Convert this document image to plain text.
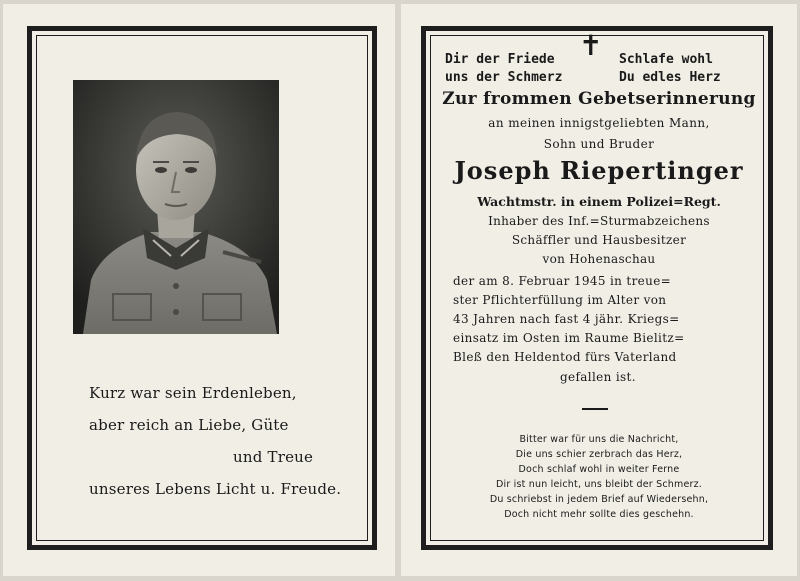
Kurz war sein Erdenleben,
aber reich an Liebe, Güte
und Treue
unseres Lebens Licht u. Freude.
Dir der Friede
uns der Schmerz
✝ Schlafe wohl
Du edles Herz
Zur frommen Gebetserinnerung
an meinen innigstgeliebten Mann,
Sohn und Bruder
Joseph Riepertinger
Wachtmstr. in einem Polizei=Regt.
Inhaber des Inf.=Sturmabzeichens
Schäffler und Hausbesitzer
von Hohenaschau
der am 8. Februar 1945 in treue=
ster Pflichterfüllung im Alter von
43 Jahren nach fast 4 jähr. Kriegs=
einsatz im Osten im Raume Bielitz=
Bleß den Heldentod fürs Vaterland
gefallen ist.
Bitter war für uns die Nachricht,
Die uns schier zerbrach das Herz,
Doch schlaf wohl in weiter Ferne
Dir ist nun leicht, uns bleibt der Schmerz.
Du schriebst in jedem Brief auf Wiedersehn,
Doch nicht mehr sollte dies geschehn.
